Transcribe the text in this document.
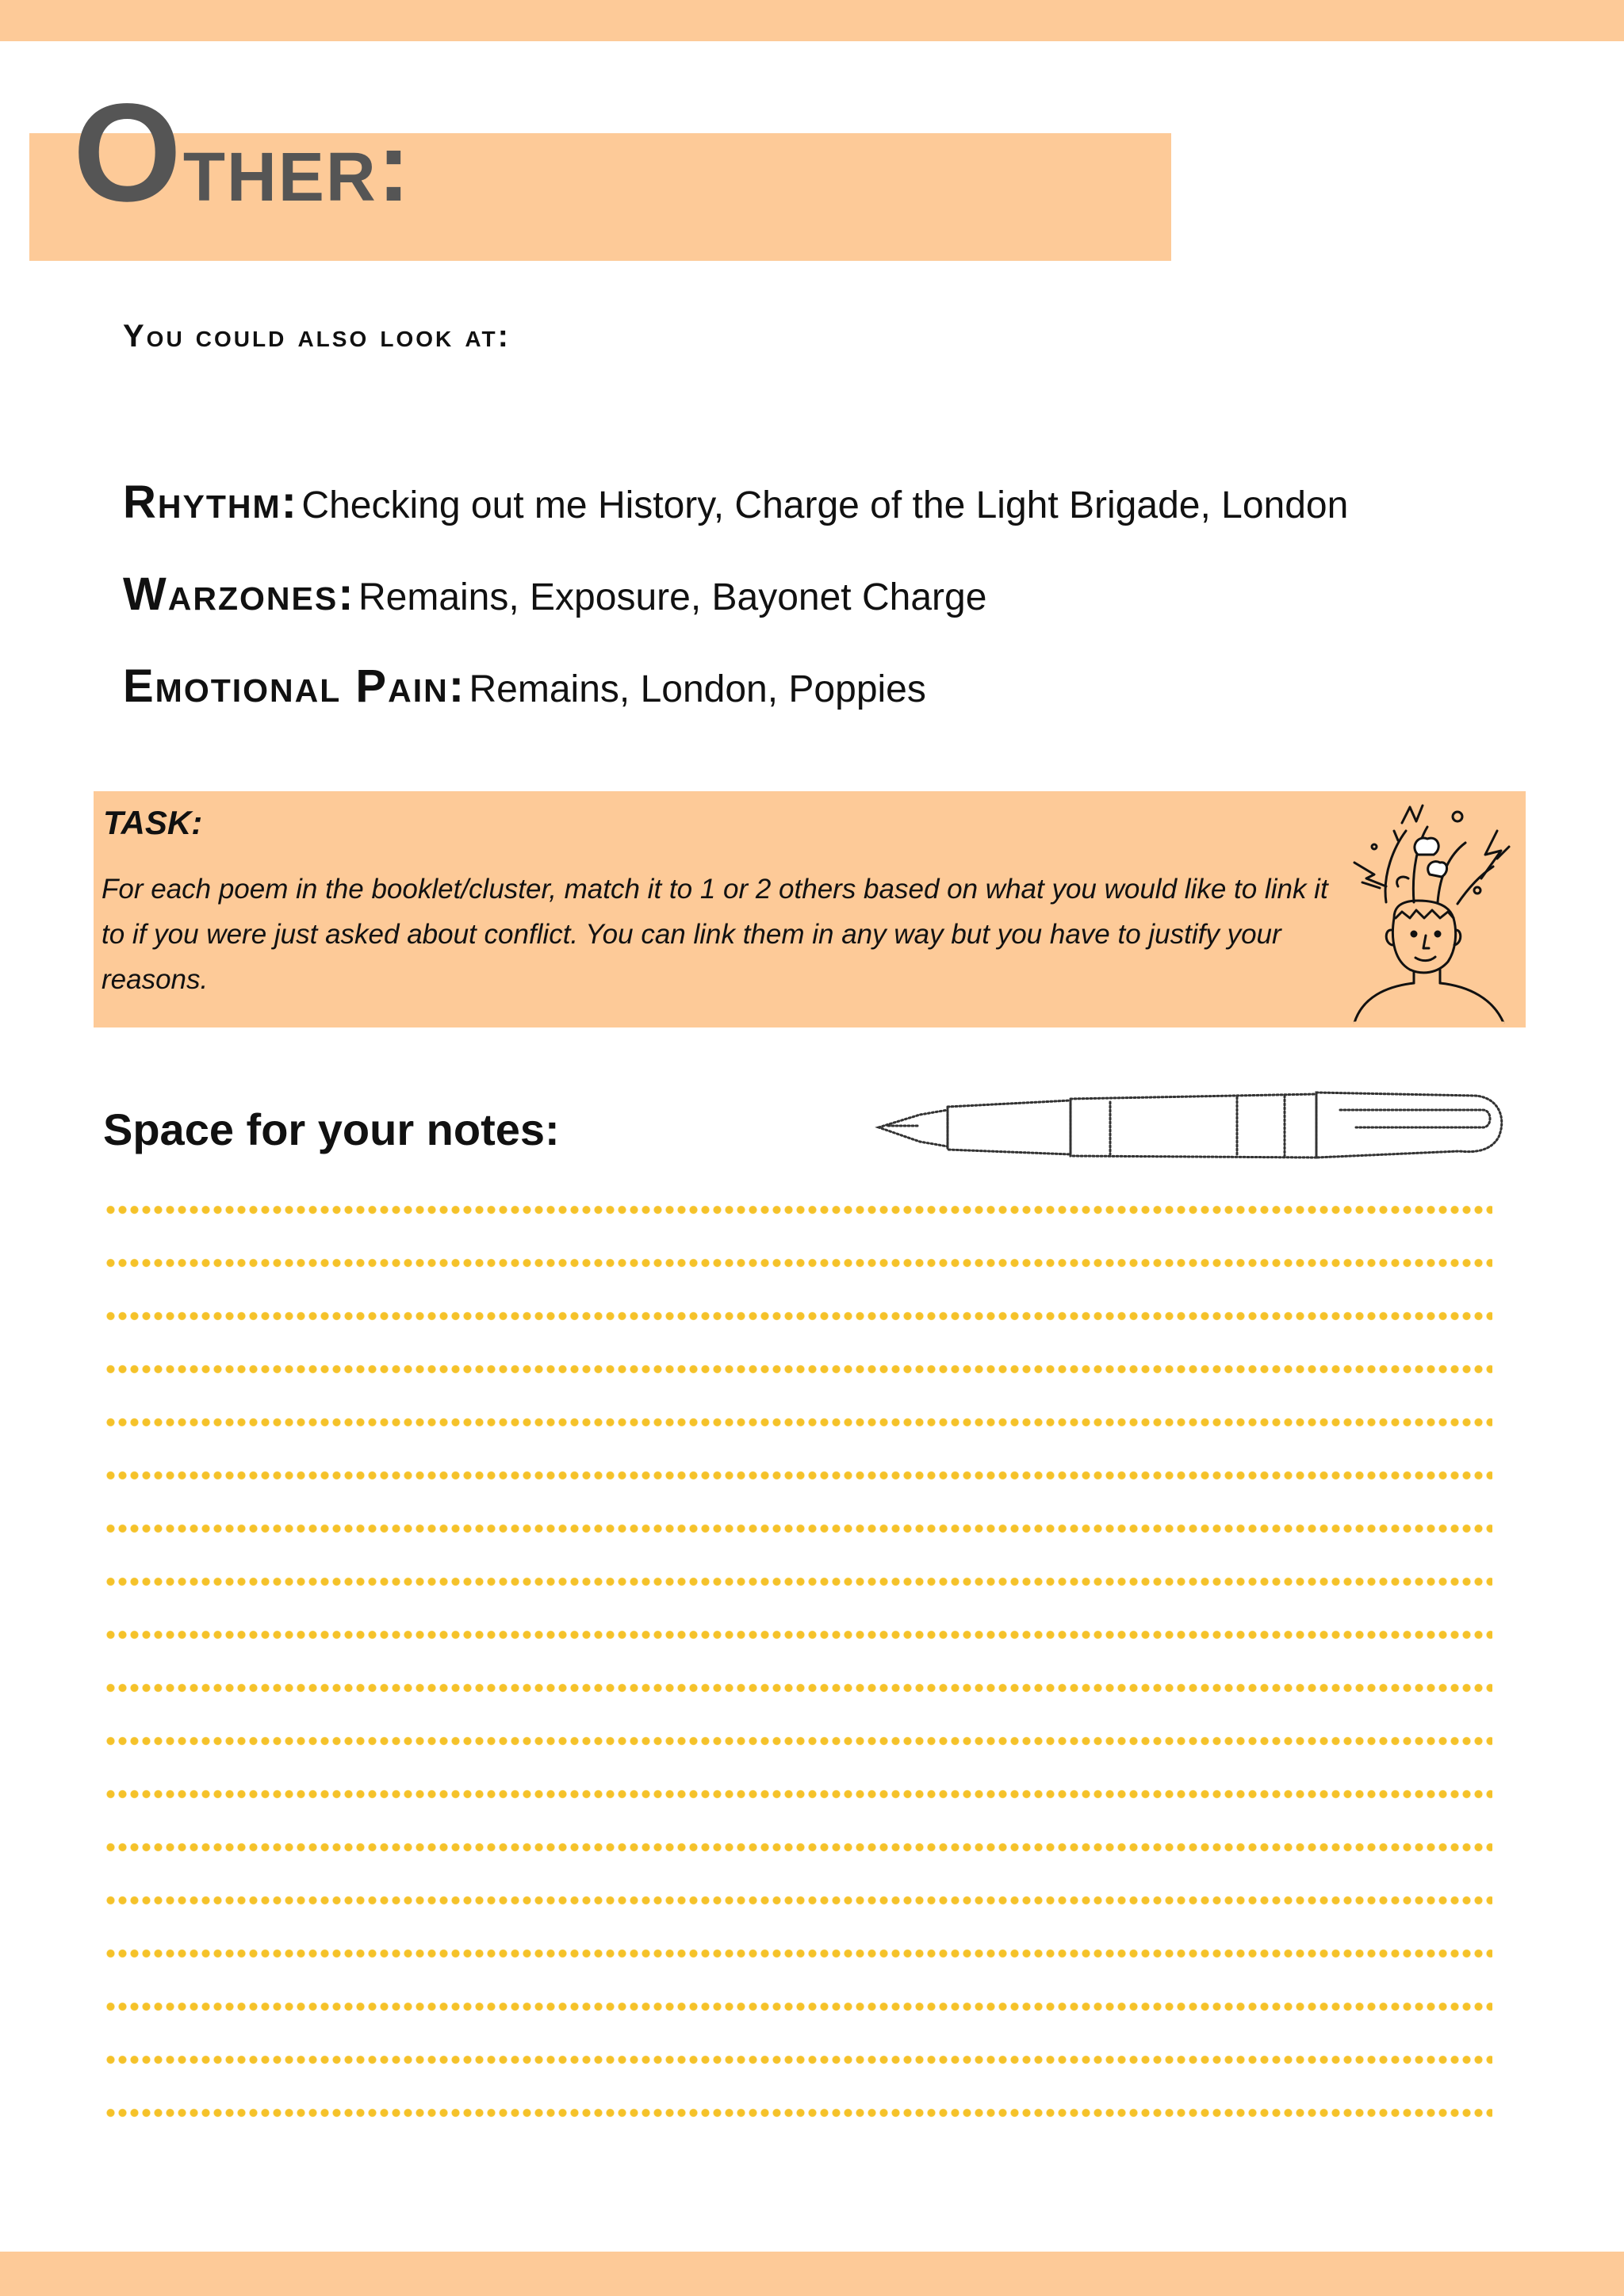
Other:
You could also look at:

Rhythm: Checking out me History, Charge of the Light Brigade, London

Warzones: Remains, Exposure, Bayonet Charge

Emotional Pain: Remains, London, Poppies

TASK:

For each poem in the booklet/cluster, match it to 1 or 2 others based on what you would like to link it to if you were just asked about conflict. You can link them in any way but you have to justify your reasons.

Space for your notes:
